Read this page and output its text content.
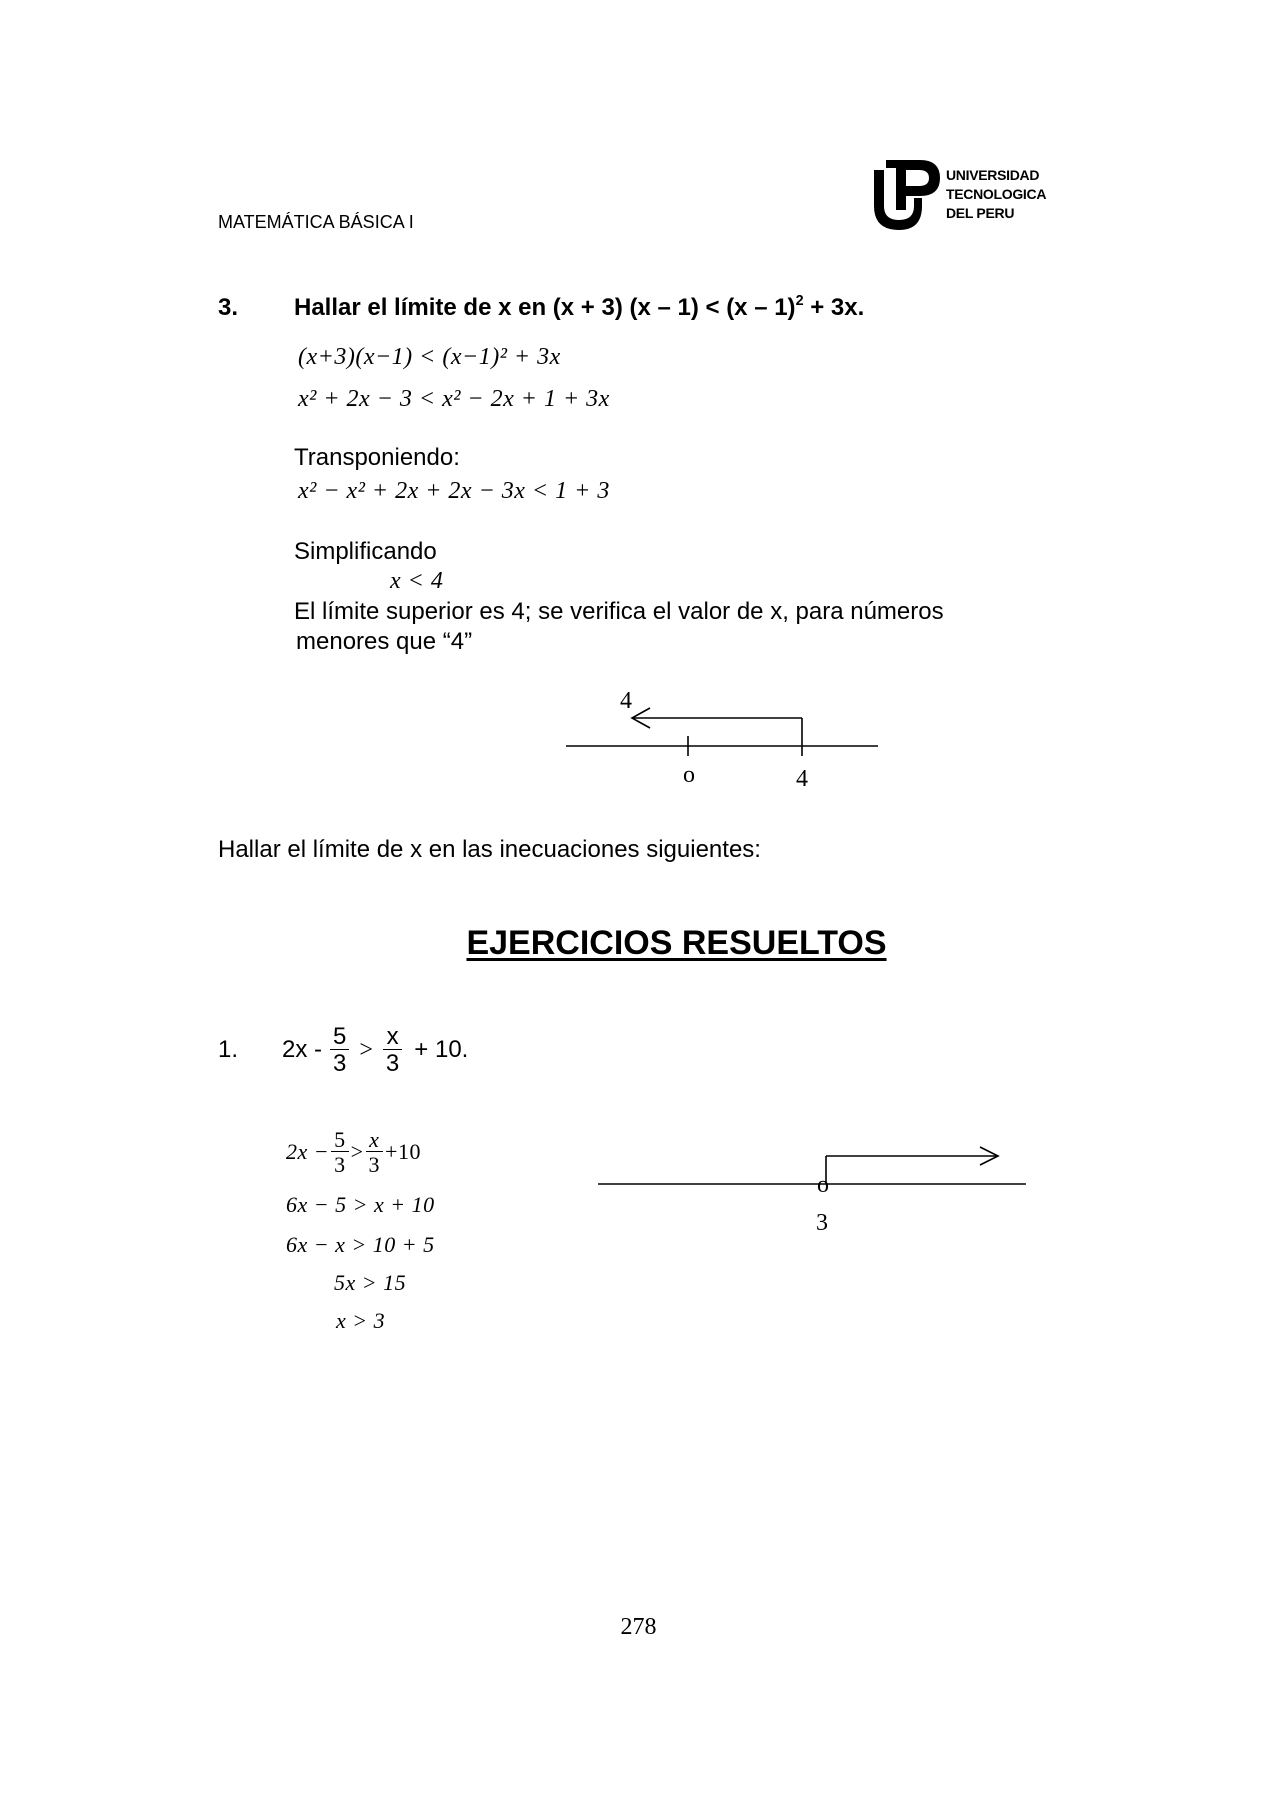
MATEMÁTICA BÁSICA I
UNIVERSIDAD
TECNOLOGICA
DEL PERU
3. Hallar el límite de x en (x + 3) (x – 1) < (x – 1)$^2$ + 3x.
(x+3)(x−1) < (x−1)² + 3x
x² + 2x − 3 < x² − 2x + 1 + 3x
Transponiendo:
x² − x² + 2x + 2x − 3x < 1 + 3
Simplificando
x < 4
El límite superior es 4; se verifica el valor de x, para números
menores que “4”
4
o	4
Hallar el límite de x en las inecuaciones siguientes:
EJERCICIOS RESUELTOS
1. $2x - \frac{5}{3} > \frac{x}{3} + 10$.
$2x - \frac{5}{3} > \frac{x}{3} +10$
6x − 5 > x + 10
6x − x > 10 + 5
5x > 15
x > 3
o
3
278
